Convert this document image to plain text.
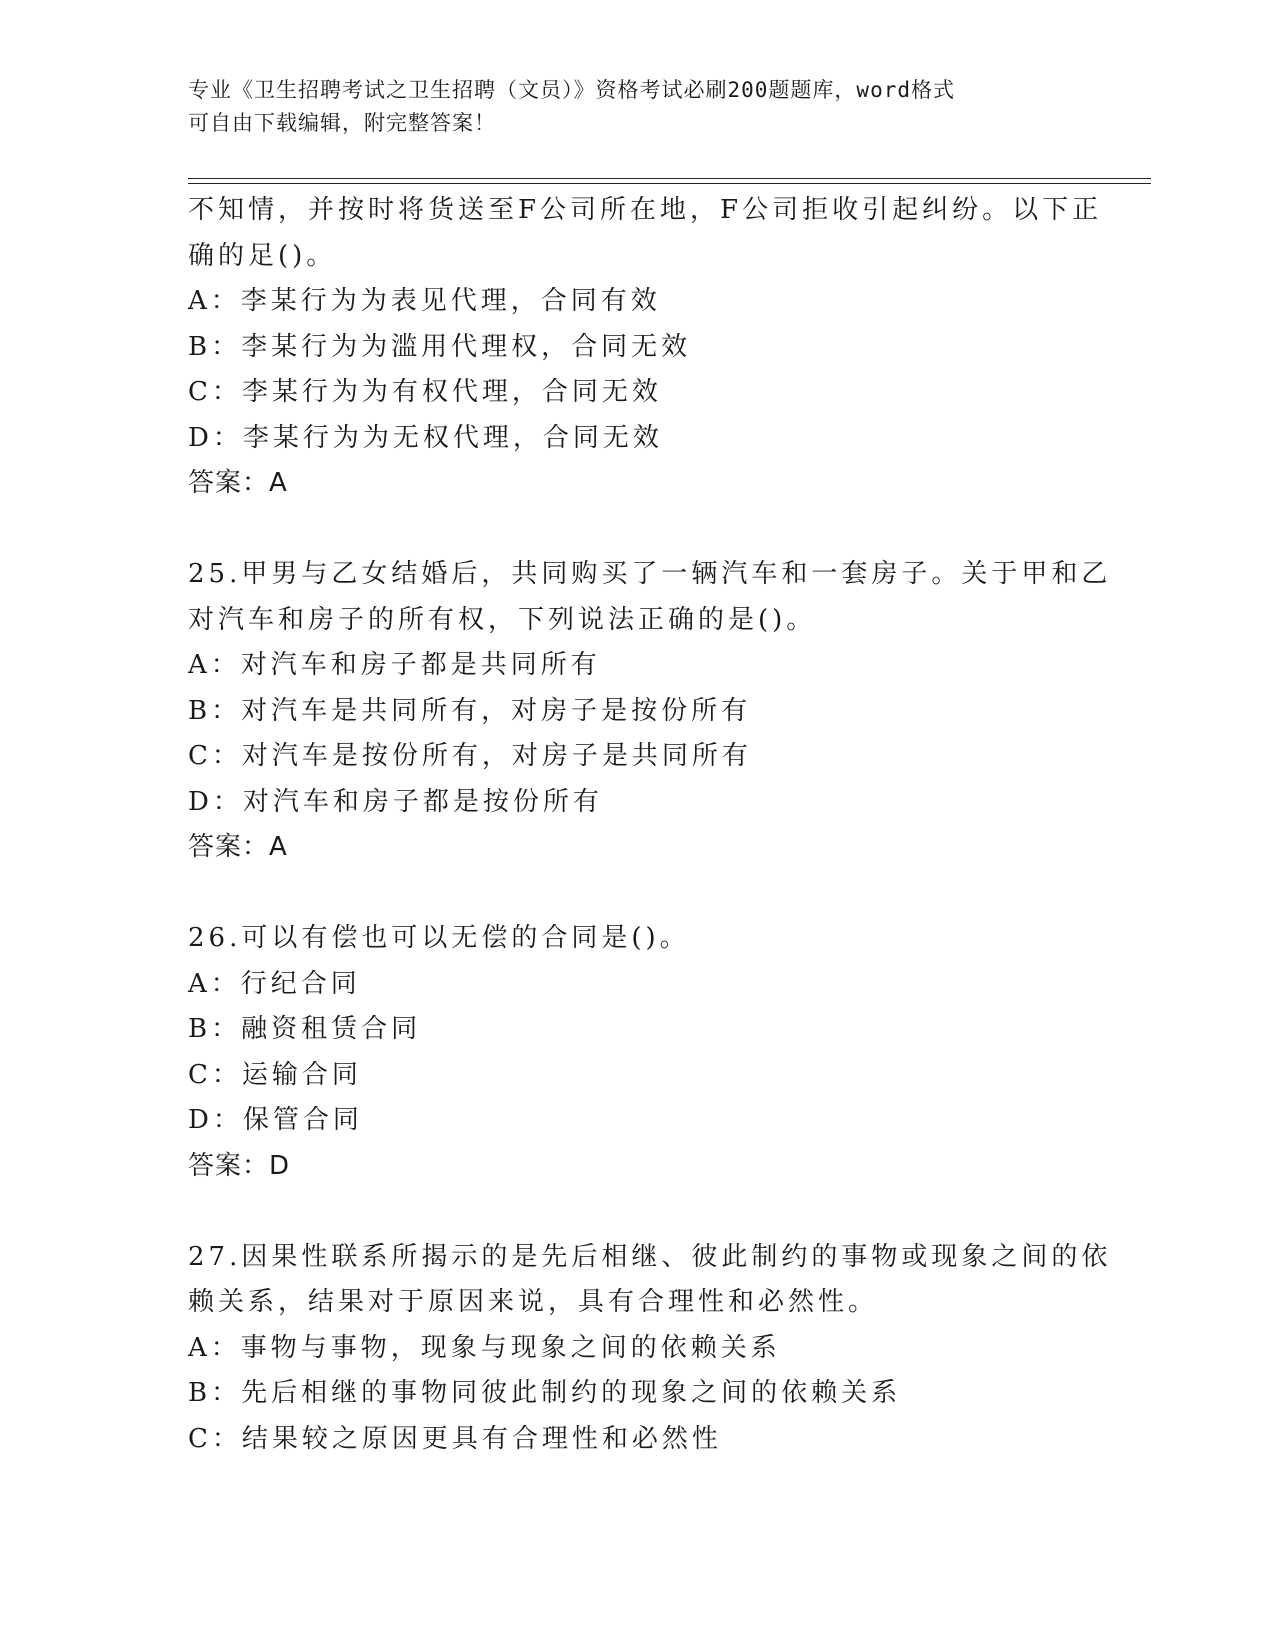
专业《卫生招聘考试之卫生招聘（文员）》资格考试必刷200题题库，word格式
可自由下载编辑，附完整答案！
不知情，并按时将货送至F公司所在地，F公司拒收引起纠纷。以下正
确的足()。
A：李某行为为表见代理，合同有效
B：李某行为为滥用代理权，合同无效
C：李某行为为有权代理，合同无效
D：李某行为为无权代理，合同无效
答案：A
25.甲男与乙女结婚后，共同购买了一辆汽车和一套房子。关于甲和乙
对汽车和房子的所有权，下列说法正确的是()。
A：对汽车和房子都是共同所有
B：对汽车是共同所有，对房子是按份所有
C：对汽车是按份所有，对房子是共同所有
D：对汽车和房子都是按份所有
答案：A
26.可以有偿也可以无偿的合同是()。
A：行纪合同
B：融资租赁合同
C：运输合同
D：保管合同
答案：D
27.因果性联系所揭示的是先后相继、彼此制约的事物或现象之间的依
赖关系，结果对于原因来说，具有合理性和必然性。
A：事物与事物，现象与现象之间的依赖关系
B：先后相继的事物同彼此制约的现象之间的依赖关系
C：结果较之原因更具有合理性和必然性
